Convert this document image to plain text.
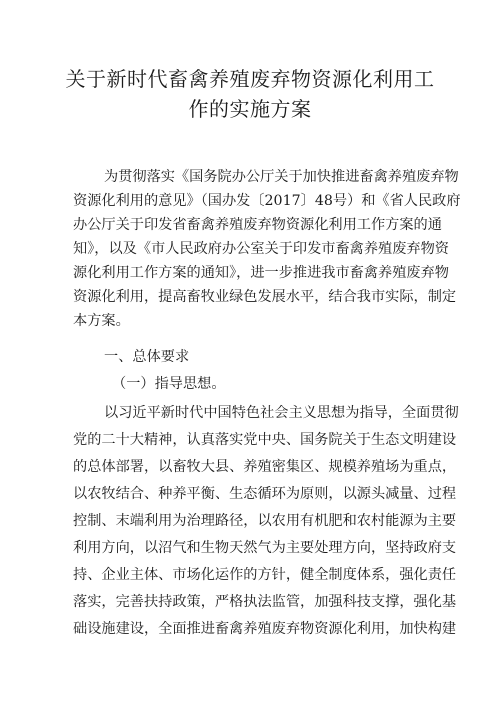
关于新时代畜禽养殖废弃物资源化利用工
作的实施方案

为贯彻落实《国务院办公厅关于加快推进畜禽养殖废弃物

资源化利用的意见》（国办发〔2017〕48号）和《省人民政府

办公厅关于印发省畜禽养殖废弃物资源化利用工作方案的通

知》，以及《市人民政府办公室关于印发市畜禽养殖废弃物资

源化利用工作方案的通知》，进一步推进我市畜禽养殖废弃物

资源化利用，提高畜牧业绿色发展水平，结合我市实际，制定

本方案。

一、总体要求

（一）指导思想。

以习近平新时代中国特色社会主义思想为指导，全面贯彻

党的二十大精神，认真落实党中央、国务院关于生态文明建设

的总体部署，以畜牧大县、养殖密集区、规模养殖场为重点，

以农牧结合、种养平衡、生态循环为原则，以源头减量、过程

控制、末端利用为治理路径，以农用有机肥和农村能源为主要

利用方向，以沼气和生物天然气为主要处理方向，坚持政府支

持、企业主体、市场化运作的方针，健全制度体系，强化责任

落实，完善扶持政策，严格执法监管，加强科技支撑，强化基

础设施建设，全面推进畜禽养殖废弃物资源化利用，加快构建
